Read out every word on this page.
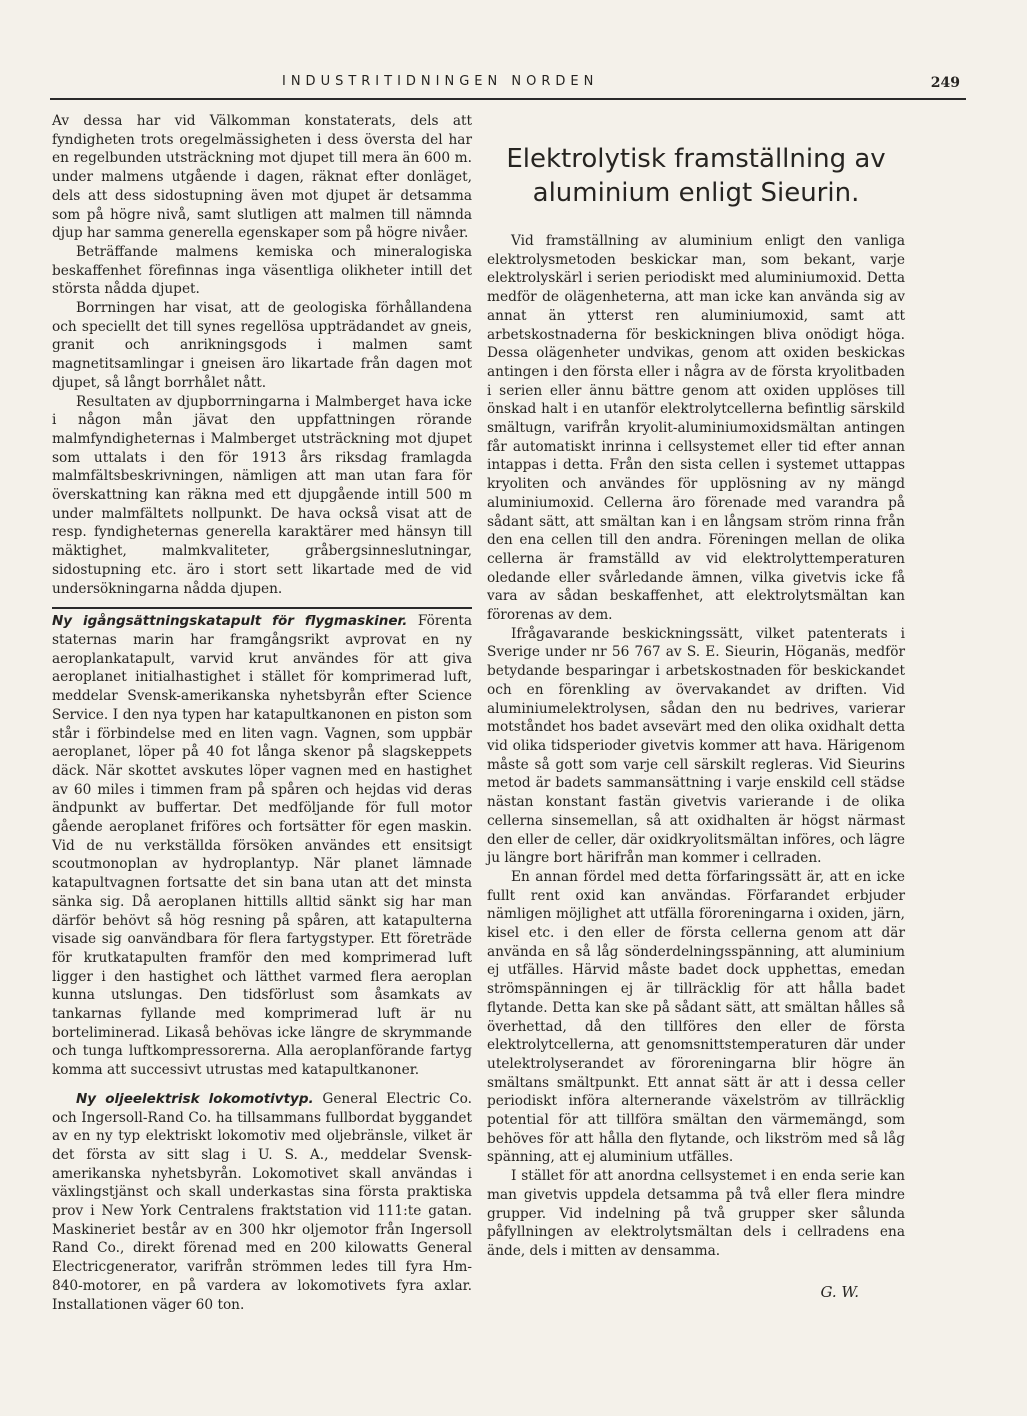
INDUSTRITIDNINGEN NORDEN	249

Av dessa har vid Välkomman konstaterats, dels att fyndigheten trots oregelmässigheten i dess översta del har en regelbunden utsträckning mot djupet till mera än 600 m. under malmens utgående i dagen, räknat efter donläget, dels att dess sidostupning även mot djupet är detsamma som på högre nivå, samt slutligen att malmen till nämnda djup har samma generella egenskaper som på högre nivåer.

Beträffande malmens kemiska och mineralogiska beskaffenhet förefinnas inga väsentliga olikheter intill det största nådda djupet.

Borrningen har visat, att de geologiska förhållandena och speciellt det till synes regellösa uppträdandet av gneis, granit och anrikningsgods i malmen samt magnetitsamlingar i gneisen äro likartade från dagen mot djupet, så långt borrhålet nått.

Resultaten av djupborrningarna i Malmberget hava icke i någon mån jävat den uppfattningen rörande malmfyndigheternas i Malmberget utsträckning mot djupet som uttalats i den för 1913 års riksdag framlagda malmfältsbeskrivningen, nämligen att man utan fara för överskattning kan räkna med ett djupgående intill 500 m under malmfältets nollpunkt. De hava också visat att de resp. fyndigheternas generella karaktärer med hänsyn till mäktighet, malmkvaliteter, gråbergsinneslutningar, sidostupning etc. äro i stort sett likartade med de vid undersökningarna nådda djupen.

Ny igångsättningskatapult för flygmaskiner. Förenta staternas marin har framgångsrikt avprovat en ny aeroplankatapult, varvid krut användes för att giva aeroplanet initialhastighet i stället för komprimerad luft, meddelar Svensk-amerikanska nyhetsbyrån efter Science Service. I den nya typen har katapultkanonen en piston som står i förbindelse med en liten vagn. Vagnen, som uppbär aeroplanet, löper på 40 fot långa skenor på slagskeppets däck. När skottet avskutes löper vagnen med en hastighet av 60 miles i timmen fram på spåren och hejdas vid deras ändpunkt av buffertar. Det medföljande för full motor gående aeroplanet friföres och fortsätter för egen maskin. Vid de nu verkställda försöken användes ett ensitsigt scoutmonoplan av hydroplantyp. När planet lämnade katapultvagnen fortsatte det sin bana utan att det minsta sänka sig. Då aeroplanen hittills alltid sänkt sig har man därför behövt så hög resning på spåren, att katapulterna visade sig oanvändbara för flera fartygstyper. Ett företräde för krutkatapulten framför den med komprimerad luft ligger i den hastighet och lätthet varmed flera aeroplan kunna utslungas. Den tidsförlust som åsamkats av tankarnas fyllande med komprimerad luft är nu borteliminerad. Likaså behövas icke längre de skrymmande och tunga luftkompressorerna. Alla aeroplanförande fartyg komma att successivt utrustas med katapultkanoner.

Ny oljeelektrisk lokomotivtyp. General Electric Co. och Ingersoll-Rand Co. ha tillsammans fullbordat byggandet av en ny typ elektriskt lokomotiv med oljebränsle, vilket är det första av sitt slag i U. S. A., meddelar Svensk-amerikanska nyhetsbyrån. Lokomotivet skall användas i växlingstjänst och skall underkastas sina första praktiska prov i New York Centralens fraktstation vid 111:te gatan. Maskineriet består av en 300 hkr oljemotor från Ingersoll Rand Co., direkt förenad med en 200 kilowatts General Electricgenerator, varifrån strömmen ledes till fyra Hm-840-motorer, en på vardera av lokomotivets fyra axlar. Installationen väger 60 ton.

Elektrolytisk framställning av aluminium enligt Sieurin.

Vid framställning av aluminium enligt den vanliga elektrolysmetoden beskickar man, som bekant, varje elektrolyskärl i serien periodiskt med aluminiumoxid. Detta medför de olägenheterna, att man icke kan använda sig av annat än ytterst ren aluminiumoxid, samt att arbetskostnaderna för beskickningen bliva onödigt höga. Dessa olägenheter undvikas, genom att oxiden beskickas antingen i den första eller i några av de första kryolitbaden i serien eller ännu bättre genom att oxiden upplöses till önskad halt i en utanför elektrolytcellerna befintlig särskild smältugn, varifrån kryolit-aluminiumoxidsmältan antingen får automatiskt inrinna i cellsystemet eller tid efter annan intappas i detta. Från den sista cellen i systemet uttappas kryoliten och användes för upplösning av ny mängd aluminiumoxid. Cellerna äro förenade med varandra på sådant sätt, att smältan kan i en långsam ström rinna från den ena cellen till den andra. Föreningen mellan de olika cellerna är framställd av vid elektrolyttemperaturen oledande eller svårledande ämnen, vilka givetvis icke få vara av sådan beskaffenhet, att elektrolytsmältan kan förorenas av dem.

Ifrågavarande beskickningssätt, vilket patenterats i Sverige under nr 56 767 av S. E. Sieurin, Höganäs, medför betydande besparingar i arbetskostnaden för beskickandet och en förenkling av övervakandet av driften. Vid aluminiumelektrolysen, sådan den nu bedrives, varierar motståndet hos badet avsevärt med den olika oxidhalt detta vid olika tidsperioder givetvis kommer att hava. Härigenom måste så gott som varje cell särskilt regleras. Vid Sieurins metod är badets sammansättning i varje enskild cell städse nästan konstant fastän givetvis varierande i de olika cellerna sinsemellan, så att oxidhalten är högst närmast den eller de celler, där oxidkryolitsmältan införes, och lägre ju längre bort härifrån man kommer i cellraden.

En annan fördel med detta förfaringssätt är, att en icke fullt rent oxid kan användas. Förfarandet erbjuder nämligen möjlighet att utfälla föroreningarna i oxiden, järn, kisel etc. i den eller de första cellerna genom att där använda en så låg sönderdelningsspänning, att aluminium ej utfälles. Härvid måste badet dock upphettas, emedan strömspänningen ej är tillräcklig för att hålla badet flytande. Detta kan ske på sådant sätt, att smältan hålles så överhettad, då den tillföres den eller de första elektrolytcellerna, att genomsnittstemperaturen där under utelektrolyserandet av föroreningarna blir högre än smältans smältpunkt. Ett annat sätt är att i dessa celler periodiskt införa alternerande växelström av tillräcklig potential för att tillföra smältan den värmemängd, som behöves för att hålla den flytande, och likström med så låg spänning, att ej aluminium utfälles.

I stället för att anordna cellsystemet i en enda serie kan man givetvis uppdela detsamma på två eller flera mindre grupper. Vid indelning på två grupper sker sålunda påfyllningen av elektrolytsmältan dels i cellradens ena ände, dels i mitten av densamma.

G. W.
